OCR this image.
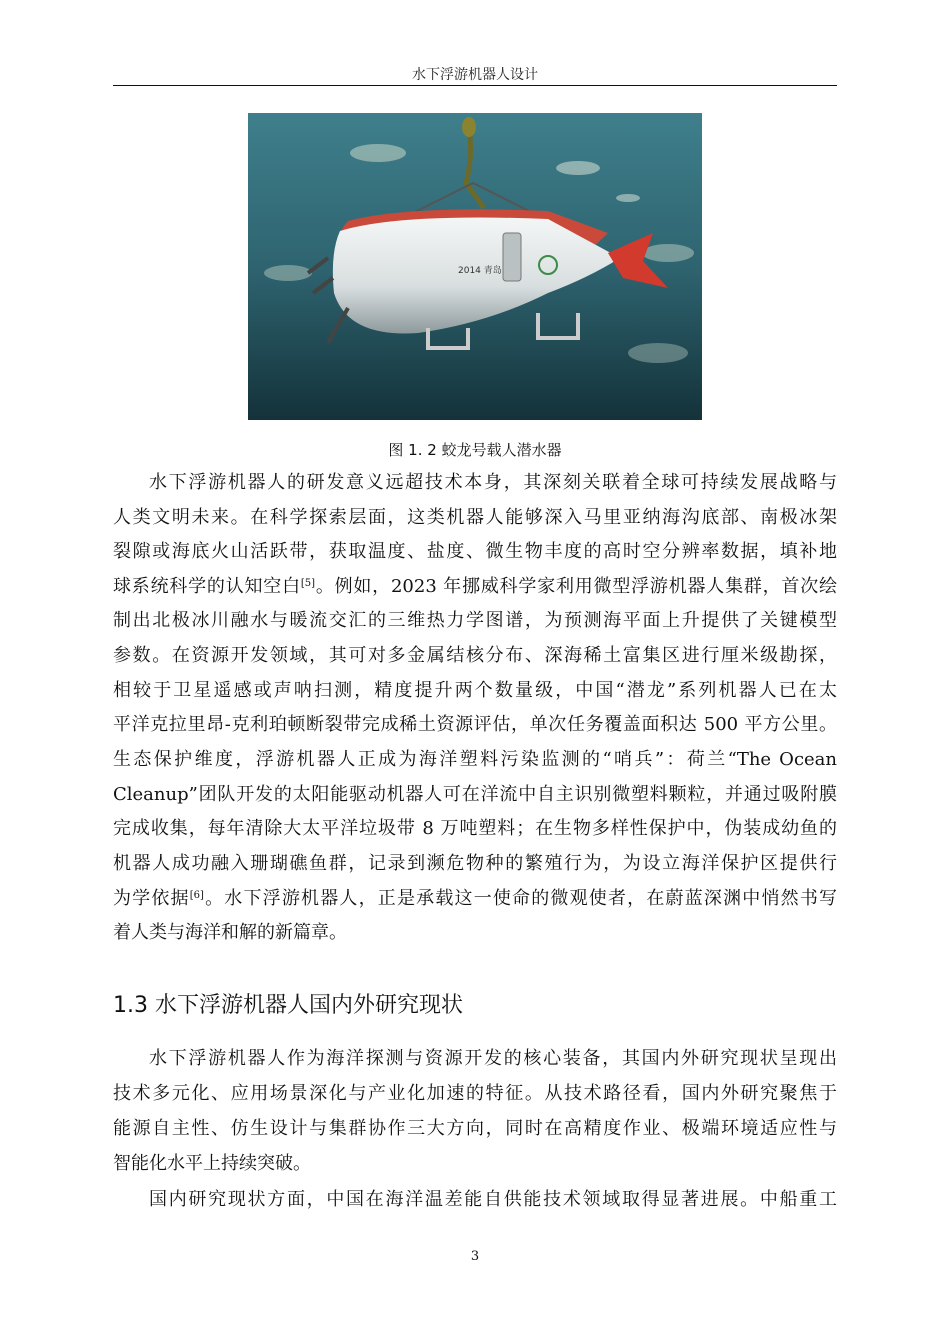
水下浮游机器人设计
2014 青岛
图 1. 2 蛟龙号载人潜水器
水下浮游机器人的研发意义远超技术本身，其深刻关联着全球可持续发展战略与
人类文明未来。在科学探索层面，这类机器人能够深入马里亚纳海沟底部、南极冰架
裂隙或海底火山活跃带，获取温度、盐度、微生物丰度的高时空分辨率数据，填补地
球系统科学的认知空白[5]。例如，2023 年挪威科学家利用微型浮游机器人集群，首次绘
制出北极冰川融水与暖流交汇的三维热力学图谱，为预测海平面上升提供了关键模型
参数。在资源开发领域，其可对多金属结核分布、深海稀土富集区进行厘米级勘探，
相较于卫星遥感或声呐扫测，精度提升两个数量级，中国“潜龙”系列机器人已在太
平洋克拉里昂-克利珀顿断裂带完成稀土资源评估，单次任务覆盖面积达 500 平方公里。
生态保护维度，浮游机器人正成为海洋塑料污染监测的“哨兵”：荷兰“The Ocean
Cleanup”团队开发的太阳能驱动机器人可在洋流中自主识别微塑料颗粒，并通过吸附膜
完成收集，每年清除大太平洋垃圾带 8 万吨塑料；在生物多样性保护中，伪装成幼鱼的
机器人成功融入珊瑚礁鱼群，记录到濒危物种的繁殖行为，为设立海洋保护区提供行
为学依据[6]。水下浮游机器人，正是承载这一使命的微观使者，在蔚蓝深渊中悄然书写
着人类与海洋和解的新篇章。
1.3 水下浮游机器人国内外研究现状
水下浮游机器人作为海洋探测与资源开发的核心装备，其国内外研究现状呈现出
技术多元化、应用场景深化与产业化加速的特征。从技术路径看，国内外研究聚焦于
能源自主性、仿生设计与集群协作三大方向，同时在高精度作业、极端环境适应性与
智能化水平上持续突破。
国内研究现状方面，中国在海洋温差能自供能技术领域取得显著进展。中船重工
3
